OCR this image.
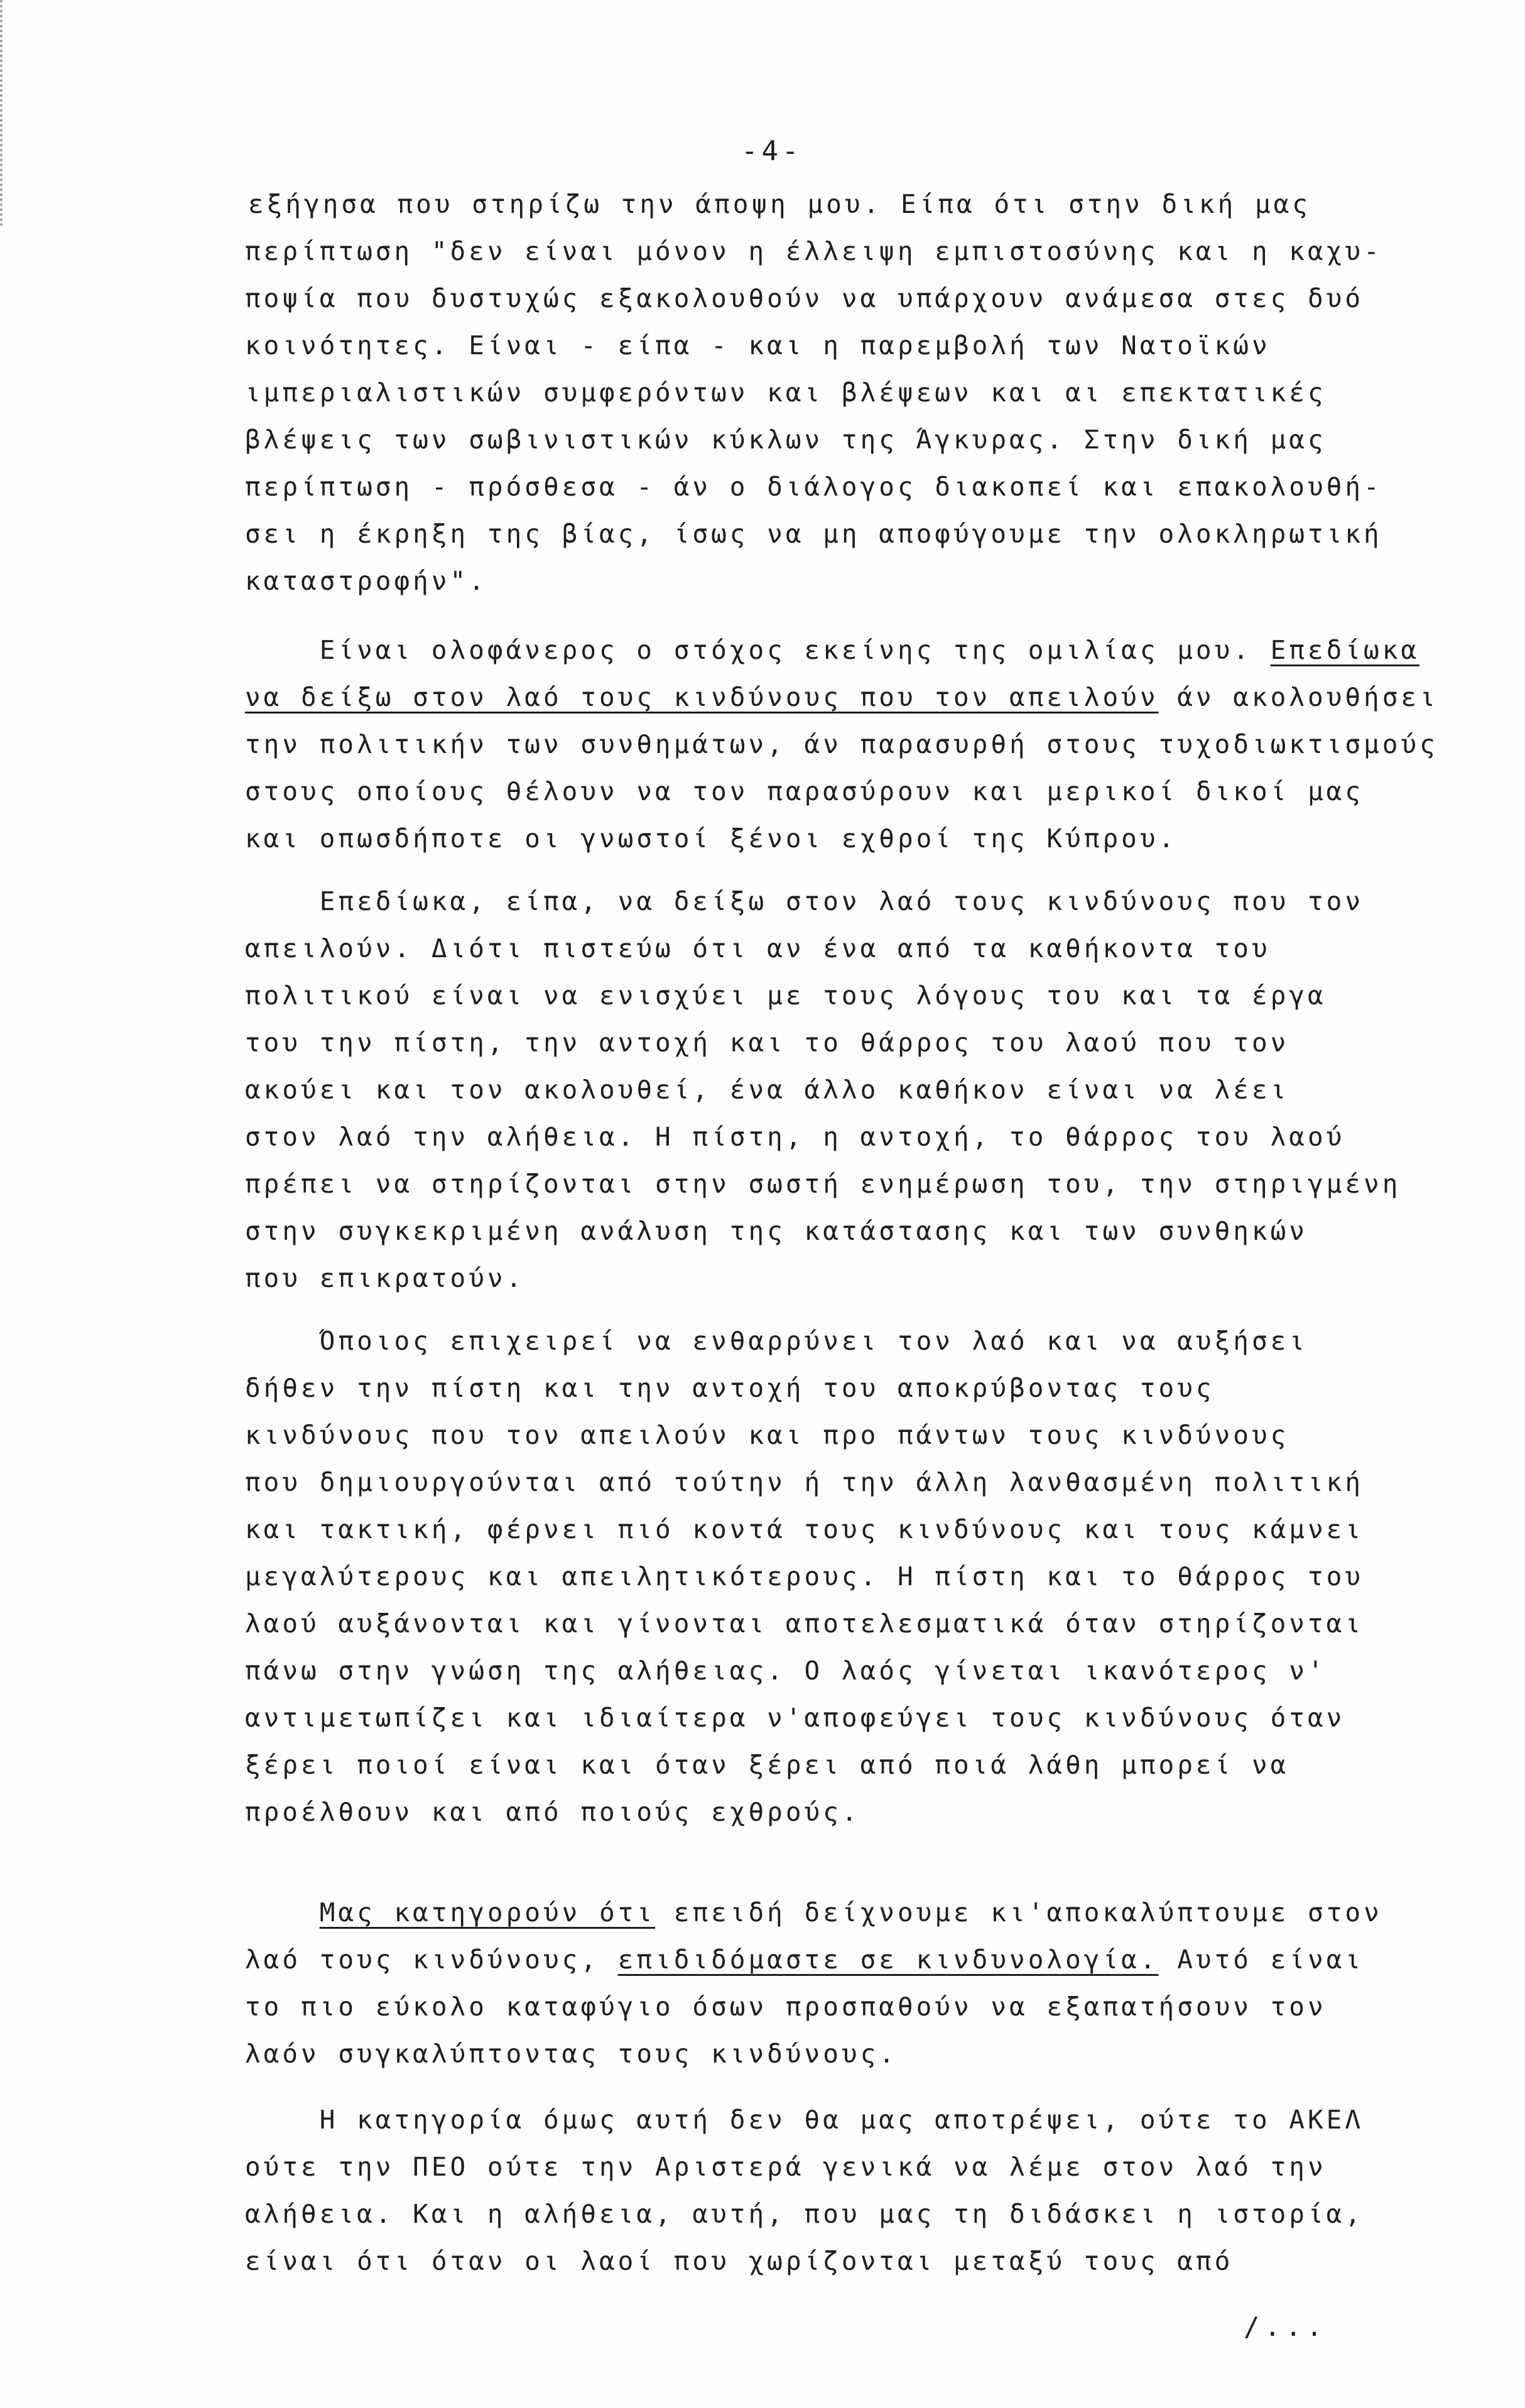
-4-
εξήγησα που στηρίζω την άποψη μου. Είπα ότι στην δική μας
περίπτωση "δεν είναι μόνον η έλλειψη εμπιστοσύνης και η καχυ-
ποψία που δυστυχώς εξακολουθούν να υπάρχουν ανάμεσα στες δυό
κοινότητες. Είναι - είπα - και η παρεμβολή των Νατοϊκών
ιμπεριαλιστικών συμφερόντων και βλέψεων και αι επεκτατικές
βλέψεις των σωβινιστικών κύκλων της Άγκυρας. Στην δική μας
περίπτωση - πρόσθεσα - άν ο διάλογος διακοπεί και επακολουθή-
σει η έκρηξη της βίας, ίσως να μη αποφύγουμε την ολοκληρωτική
καταστροφήν".
Είναι ολοφάνερος ο στόχος εκείνης της ομιλίας μου. Επεδίωκα
να δείξω στον λαό τους κινδύνους που τον απειλούν άν ακολουθήσει
την πολιτικήν των συνθημάτων, άν παρασυρθή στους τυχοδιωκτισμούς
στους οποίους θέλουν να τον παρασύρουν και μερικοί δικοί μας
και οπωσδήποτε οι γνωστοί ξένοι εχθροί της Κύπρου.
Επεδίωκα, είπα, να δείξω στον λαό τους κινδύνους που τον
απειλούν. Διότι πιστεύω ότι αν ένα από τα καθήκοντα του
πολιτικού είναι να ενισχύει με τους λόγους του και τα έργα
του την πίστη, την αντοχή και το θάρρος του λαού που τον
ακούει και τον ακολουθεί, ένα άλλο καθήκον είναι να λέει
στον λαό την αλήθεια. Η πίστη, η αντοχή, το θάρρος του λαού
πρέπει να στηρίζονται στην σωστή ενημέρωση του, την στηριγμένη
στην συγκεκριμένη ανάλυση της κατάστασης και των συνθηκών
που επικρατούν.
Όποιος επιχειρεί να ενθαρρύνει τον λαό και να αυξήσει
δήθεν την πίστη και την αντοχή του αποκρύβοντας τους
κινδύνους που τον απειλούν και προ πάντων τους κινδύνους
που δημιουργούνται από τούτην ή την άλλη λανθασμένη πολιτική
και τακτική, φέρνει πιό κοντά τους κινδύνους και τους κάμνει
μεγαλύτερους και απειλητικότερους. Η πίστη και το θάρρος του
λαού αυξάνονται και γίνονται αποτελεσματικά όταν στηρίζονται
πάνω στην γνώση της αλήθειας. Ο λαός γίνεται ικανότερος ν'
αντιμετωπίζει και ιδιαίτερα ν'αποφεύγει τους κινδύνους όταν
ξέρει ποιοί είναι και όταν ξέρει από ποιά λάθη μπορεί να
προέλθουν και από ποιούς εχθρούς.
Μας κατηγορούν ότι επειδή δείχνουμε κι'αποκαλύπτουμε στον
λαό τους κινδύνους, επιδιδόμαστε σε κινδυνολογία. Αυτό είναι
το πιο εύκολο καταφύγιο όσων προσπαθούν να εξαπατήσουν τον
λαόν συγκαλύπτοντας τους κινδύνους.
Η κατηγορία όμως αυτή δεν θα μας αποτρέψει, ούτε το ΑΚΕΛ
ούτε την ΠΕΟ ούτε την Αριστερά γενικά να λέμε στον λαό την
αλήθεια. Και η αλήθεια, αυτή, που μας τη διδάσκει η ιστορία,
είναι ότι όταν οι λαοί που χωρίζονται μεταξύ τους από
/...
